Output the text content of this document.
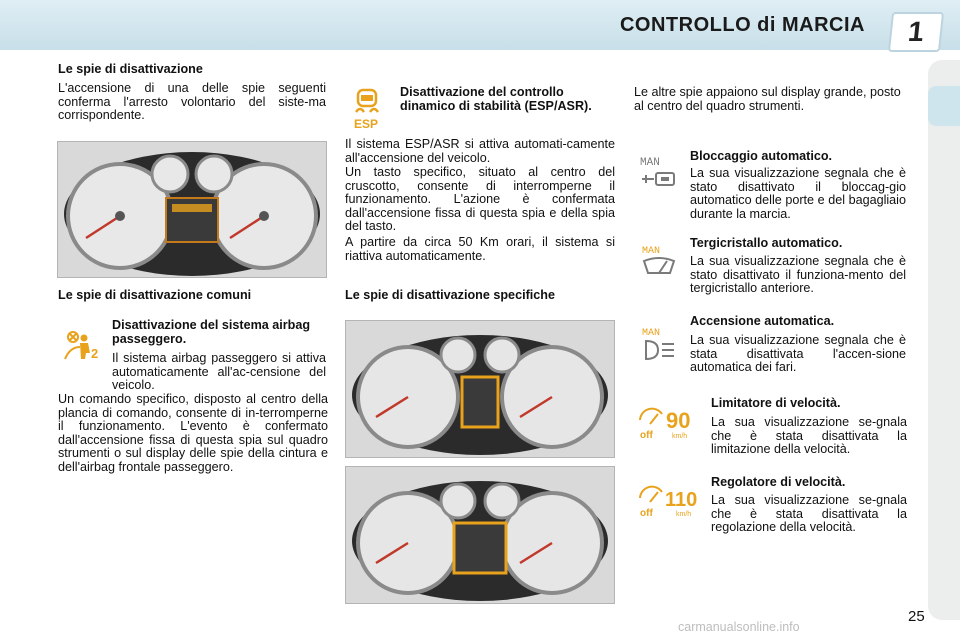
CONTROLLO di MARCIA	1
Le spie di disattivazione
L'accensione di una delle spie seguenti conferma l'arresto volontario del siste-ma corrispondente.
Le spie di disattivazione comuni
2
Disattivazione del sistema airbag passeggero.
Il sistema airbag passeggero si attiva automaticamente all'ac-censione del veicolo.
Un comando specifico, disposto al centro della plancia di comando, consente di in-terromperne il funzionamento. L'evento è confermato dall'accensione fissa di questa spia sul quadro strumenti o sul display delle spie della cintura e dell'airbag frontale passeggero.
ESP
Disattivazione del controllo dinamico di stabilità (ESP/ASR).
Il sistema ESP/ASR si attiva automati-camente all'accensione del veicolo.
Un tasto specifico, situato al centro del cruscotto, consente di interromperne il funzionamento. L'azione è confermata dall'accensione fissa di questa spia e della spia del tasto.
A partire da circa 50 Km orari, il sistema si riattiva automaticamente.
Le spie di disattivazione specifiche
Le altre spie appaiono sul display grande, posto al centro del quadro strumenti.
MAN Bloccaggio automatico.
La sua visualizzazione segnala che è stato disattivato il bloccag-gio automatico delle porte e del bagagliaio durante la marcia.
MAN
Tergicristallo automatico.
La sua visualizzazione segnala che è stato disattivato il funziona-mento del tergicristallo anteriore.
MAN
Accensione automatica.
La sua visualizzazione segnala che è stata disattivata l'accen-sione automatica dei fari.
off
90
km/h
Limitatore di velocità.
La sua visualizzazione se-gnala che è stata disattivata la limitazione della velocità.
off
110
km/h
Regolatore di velocità.
La sua visualizzazione se-gnala che è stata disattivata la regolazione della velocità.
25
carmanualsonline.info
